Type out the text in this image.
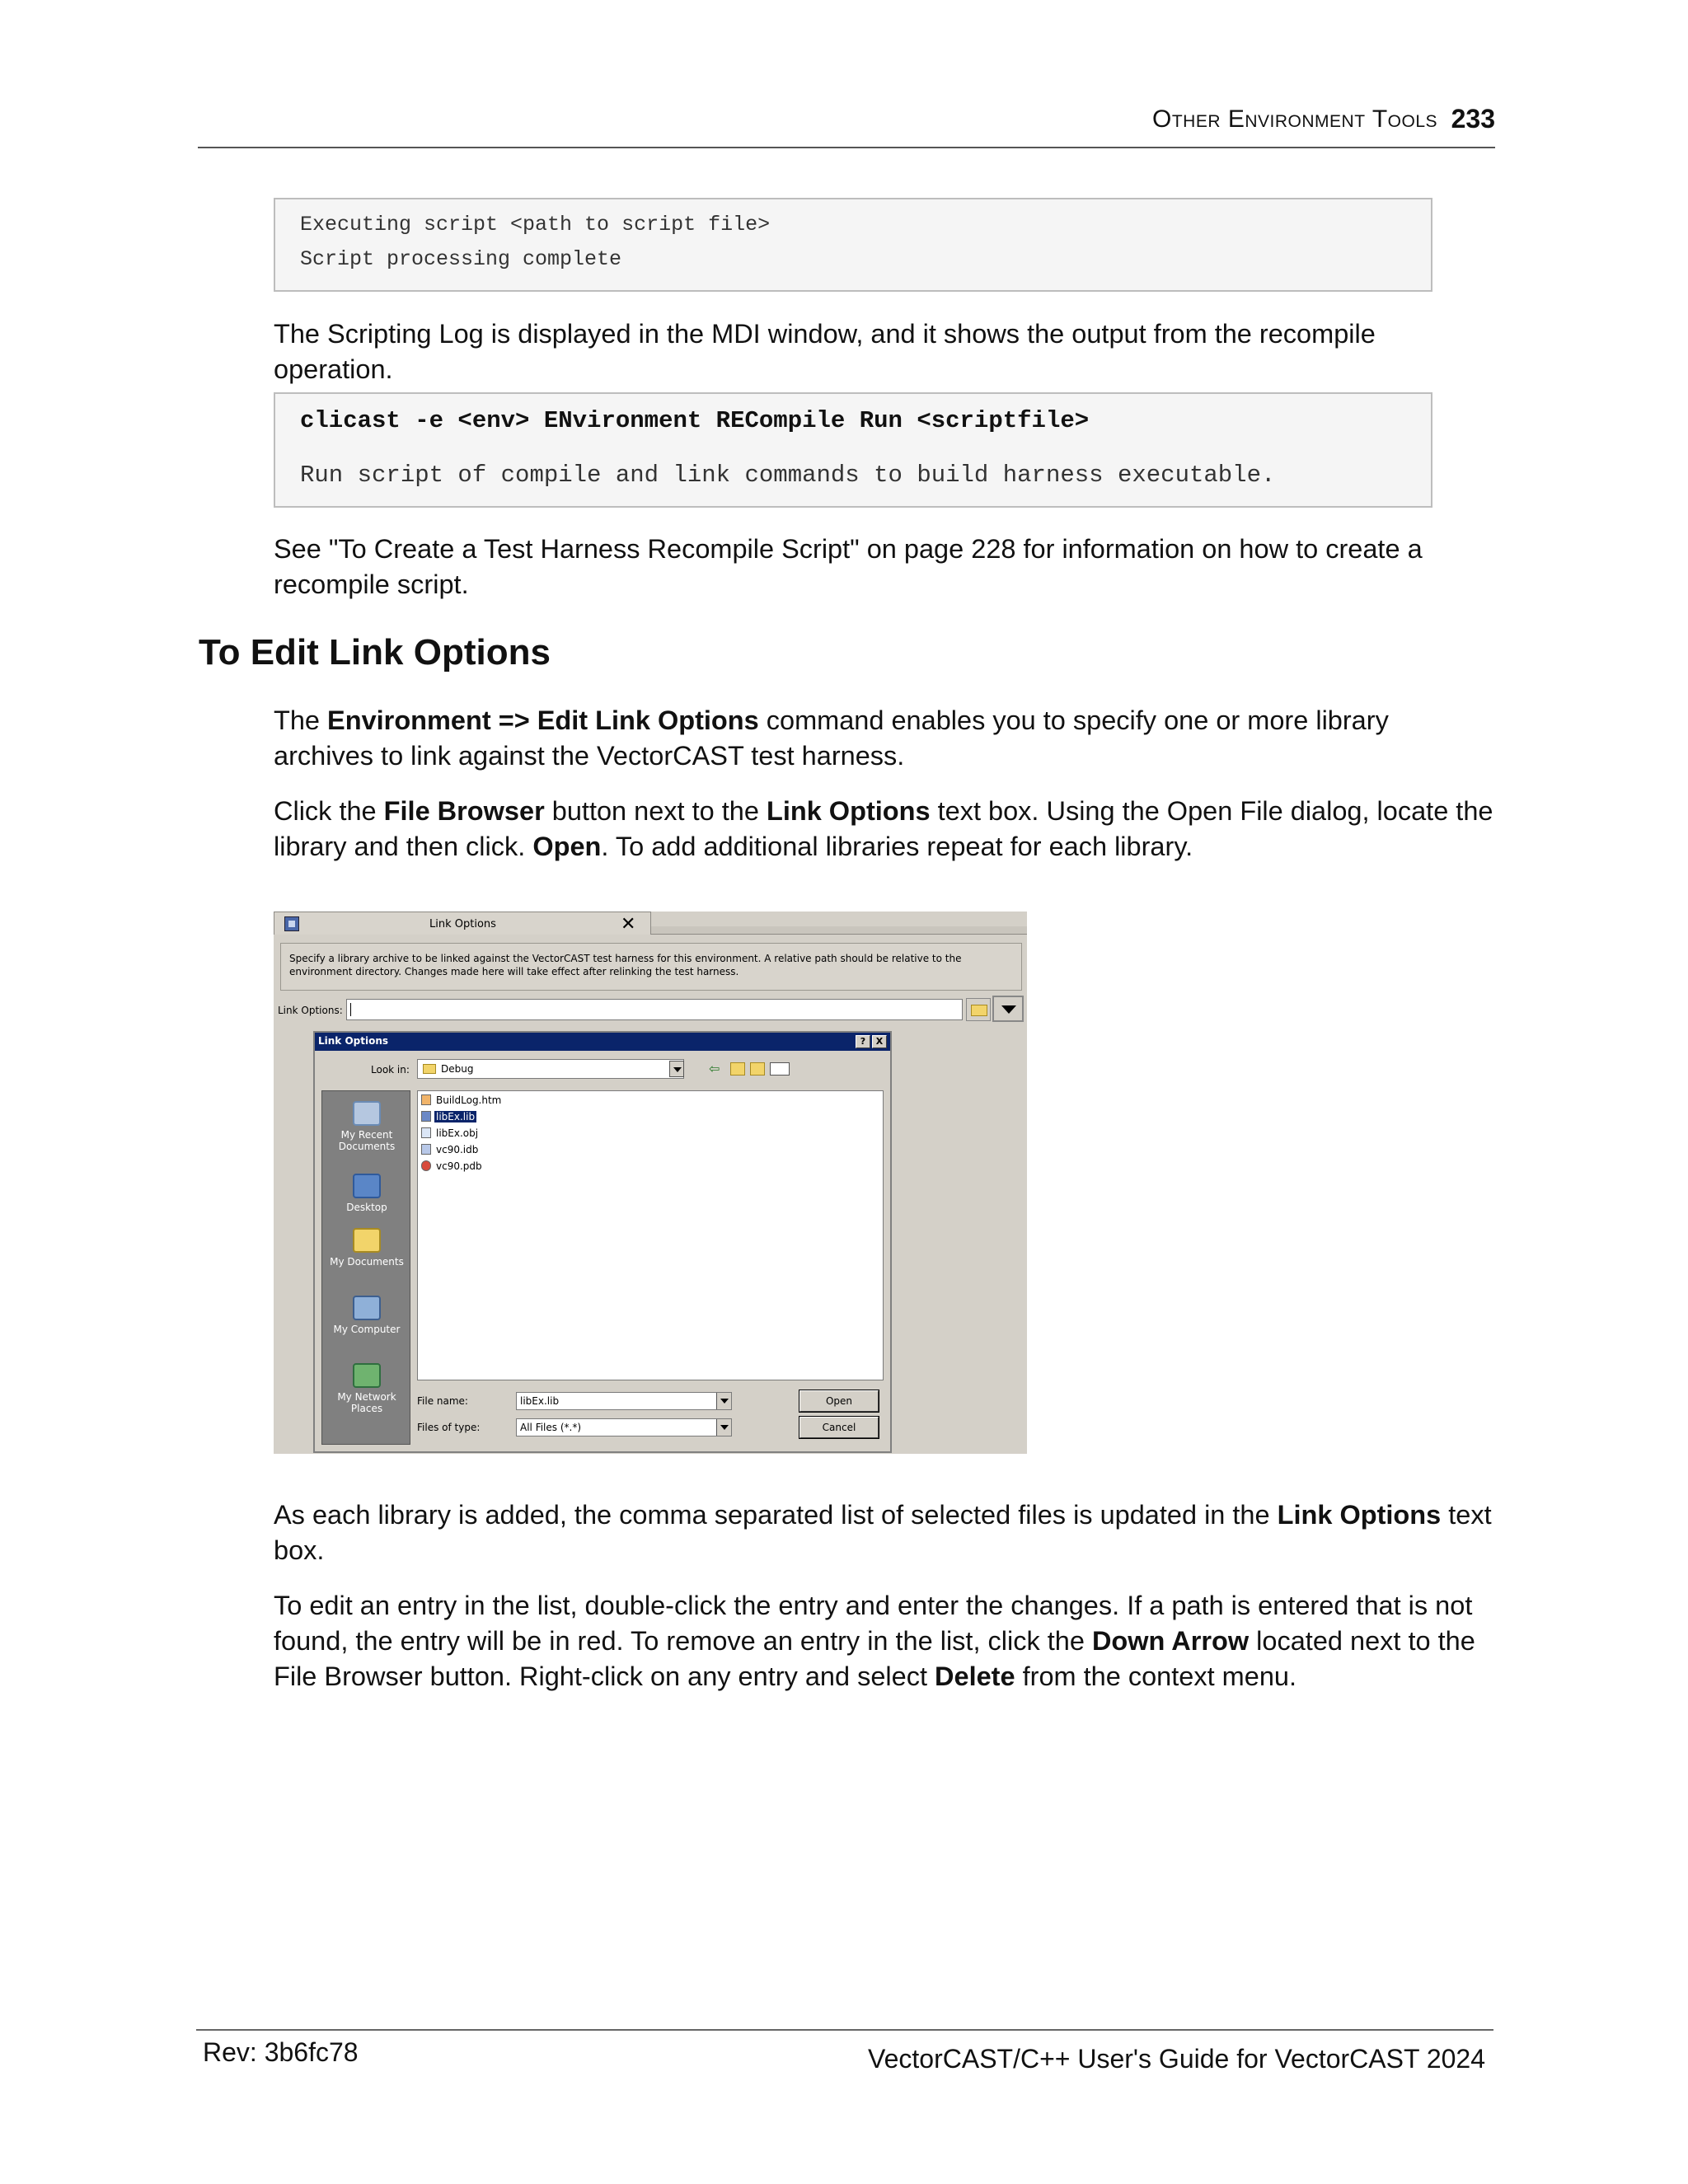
Other Environment Tools 233
Executing script <path to script file>
Script processing complete
The Scripting Log is displayed in the MDI window, and it shows the output from the recompile operation.
clicast -e <env> ENvironment RECompile Run <scriptfile>
Run script of compile and link commands to build harness executable.
See "To Create a Test Harness Recompile Script" on page 228 for information on how to create a
recompile script.
To Edit Link Options
The Environment => Edit Link Options command enables you to specify one or more library
archives to link against the VectorCAST test harness.
Click the File Browser button next to the Link Options text box. Using the Open File dialog, locate the
library and then click. Open. To add additional libraries repeat for each library.
Link Options	✕
Specify a library archive to be linked against the VectorCAST test harness for this environment. A relative path should be relative to the environment directory. Changes made here will take effect after relinking the test harness.
Link Options:
Link Options	?	X
Look in:	Debug	⇦
My Recent Documents
Desktop
My Documents
My Computer
My Network Places
BuildLog.htm
libEx.lib
libEx.obj
vc90.idb
vc90.pdb
File name:	libEx.lib
Files of type:	All Files (*.*)
Open
Cancel
As each library is added, the comma separated list of selected files is updated in the Link Options text
box.
To edit an entry in the list, double-click the entry and enter the changes. If a path is entered that is not
found, the entry will be in red. To remove an entry in the list, click the Down Arrow located next to the
File Browser button. Right-click on any entry and select Delete from the context menu.
Rev: 3b6fc78	VectorCAST/C++ User's Guide for VectorCAST 2024
